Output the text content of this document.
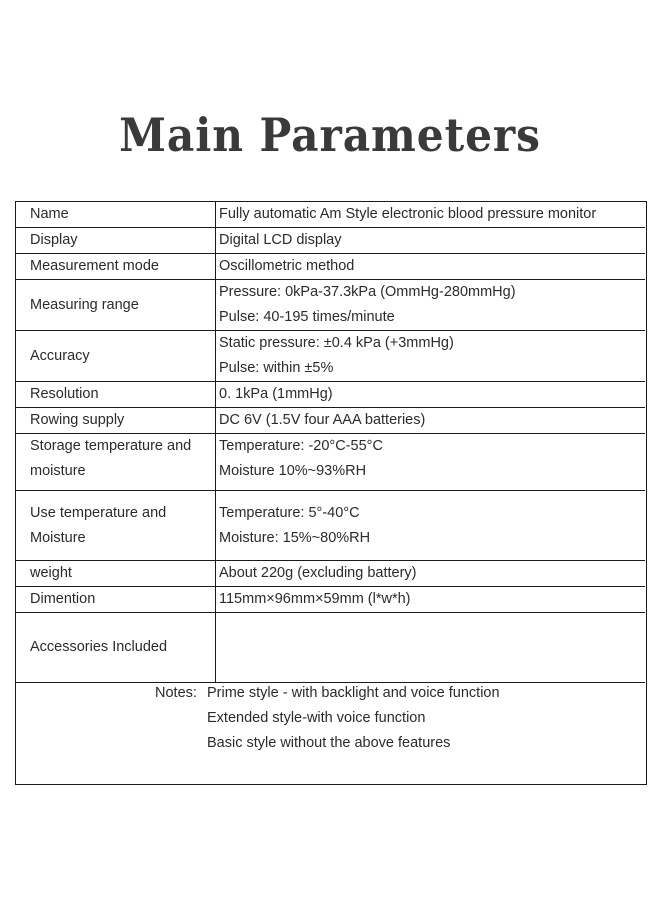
Main Parameters
Name	Fully automatic Am Style electronic blood pressure monitor

Display	Digital LCD display

Measurement mode	Oscillometric method

Measuring range	Pressure: 0kPa-37.3kPa (OmmHg-280mmHg)
Pulse: 40-195 times/minute

Accuracy	Static pressure: ±0.4 kPa (+3mmHg)
Pulse: within ±5%

Resolution	0. 1kPa (1mmHg)

Rowing supply	DC 6V (1.5V four AAA batteries)

Storage temperature and
moisture	Temperature: -20°C-55°C
Moisture 10%~93%RH

Use temperature and
Moisture	Temperature: 5°-40°C
Moisture: 15%~80%RH

weight	About 220g (excluding battery)

Dimention	115mm×96mm×59mm (l*w*h)

Accessories Included	

Notes: Prime style - with backlight and voice function
Extended style-with voice function
Basic style without the above features
